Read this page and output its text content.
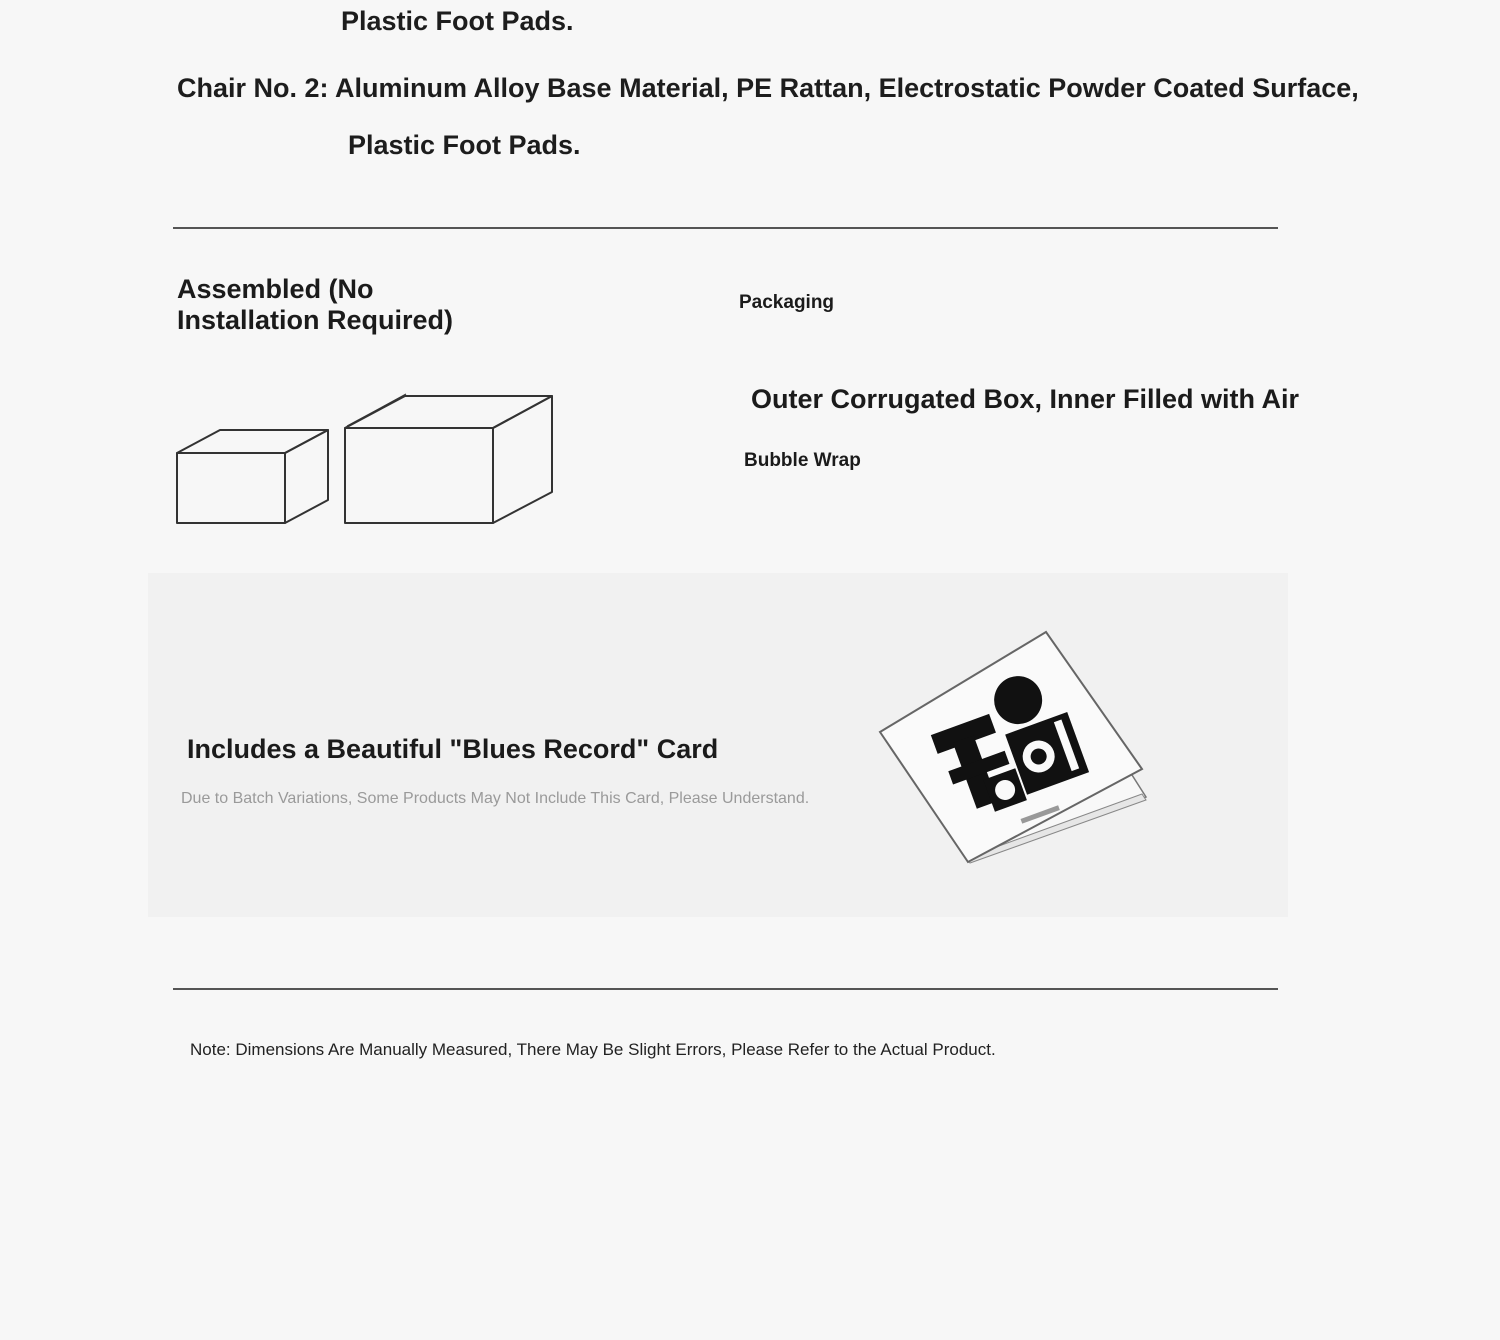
Plastic Foot Pads.

Chair No. 2: Aluminum Alloy Base Material, PE Rattan, Electrostatic Powder Coated Surface,

Plastic Foot Pads.

Assembled (No Installation Required)

Packaging

Outer Corrugated Box, Inner Filled with Air

Bubble Wrap

Includes a Beautiful "Blues Record" Card

Due to Batch Variations, Some Products May Not Include This Card, Please Understand.

Note: Dimensions Are Manually Measured, There May Be Slight Errors, Please Refer to the Actual Product.
